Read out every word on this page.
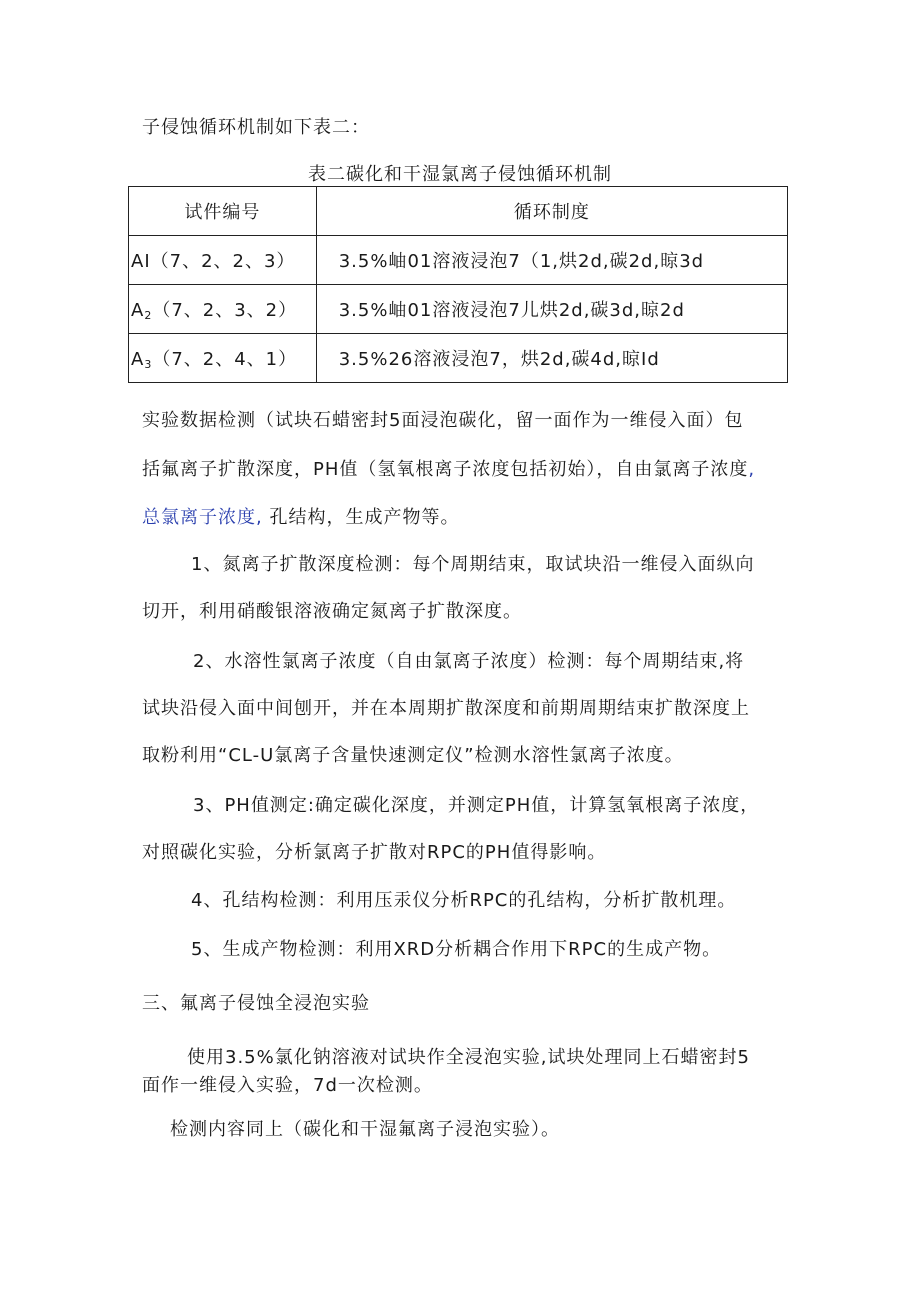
子侵蚀循环机制如下表二：

表二碳化和干湿氯离子侵蚀循环机制

试件编号	循环制度
AI（7、2、2、3）	3.5%岫01溶液浸泡7（1,烘2d,碳2d,晾3d
$A_2(7$、2、3、2）	3.5%岫01溶液浸泡7儿烘2d,碳3d,晾2d
$A_3(7$、2、4、1）	3.5%26溶液浸泡7，烘2d,碳4d,晾Id

实验数据检测（试块石蜡密封5面浸泡碳化，留一面作为一维侵入面）包

括氟离子扩散深度，PH值（氢氧根离子浓度包括初始），自由氯离子浓度,

总氯离子浓度, 孔结构，生成产物等。

1、氮离子扩散深度检测：每个周期结束，取试块沿一维侵入面纵向

切开，利用硝酸银溶液确定氮离子扩散深度。

2、水溶性氯离子浓度（自由氯离子浓度）检测：每个周期结束,将

试块沿侵入面中间刨开，并在本周期扩散深度和前期周期结束扩散深度上

取粉利用“CL-U氯离子含量快速测定仪”检测水溶性氯离子浓度。

3、PH值测定:确定碳化深度，并测定PH值，计算氢氧根离子浓度，

对照碳化实验，分析氯离子扩散对RPC的PH值得影响。

4、孔结构检测：利用压汞仪分析RPC的孔结构，分析扩散机理。

5、生成产物检测：利用XRD分析耦合作用下RPC的生成产物。

三、氟离子侵蚀全浸泡实验

使用3.5%氯化钠溶液对试块作全浸泡实验,试块处理同上石蜡密封5

面作一维侵入实验，7d一次检测。

检测内容同上（碳化和干湿氟离子浸泡实验）。
